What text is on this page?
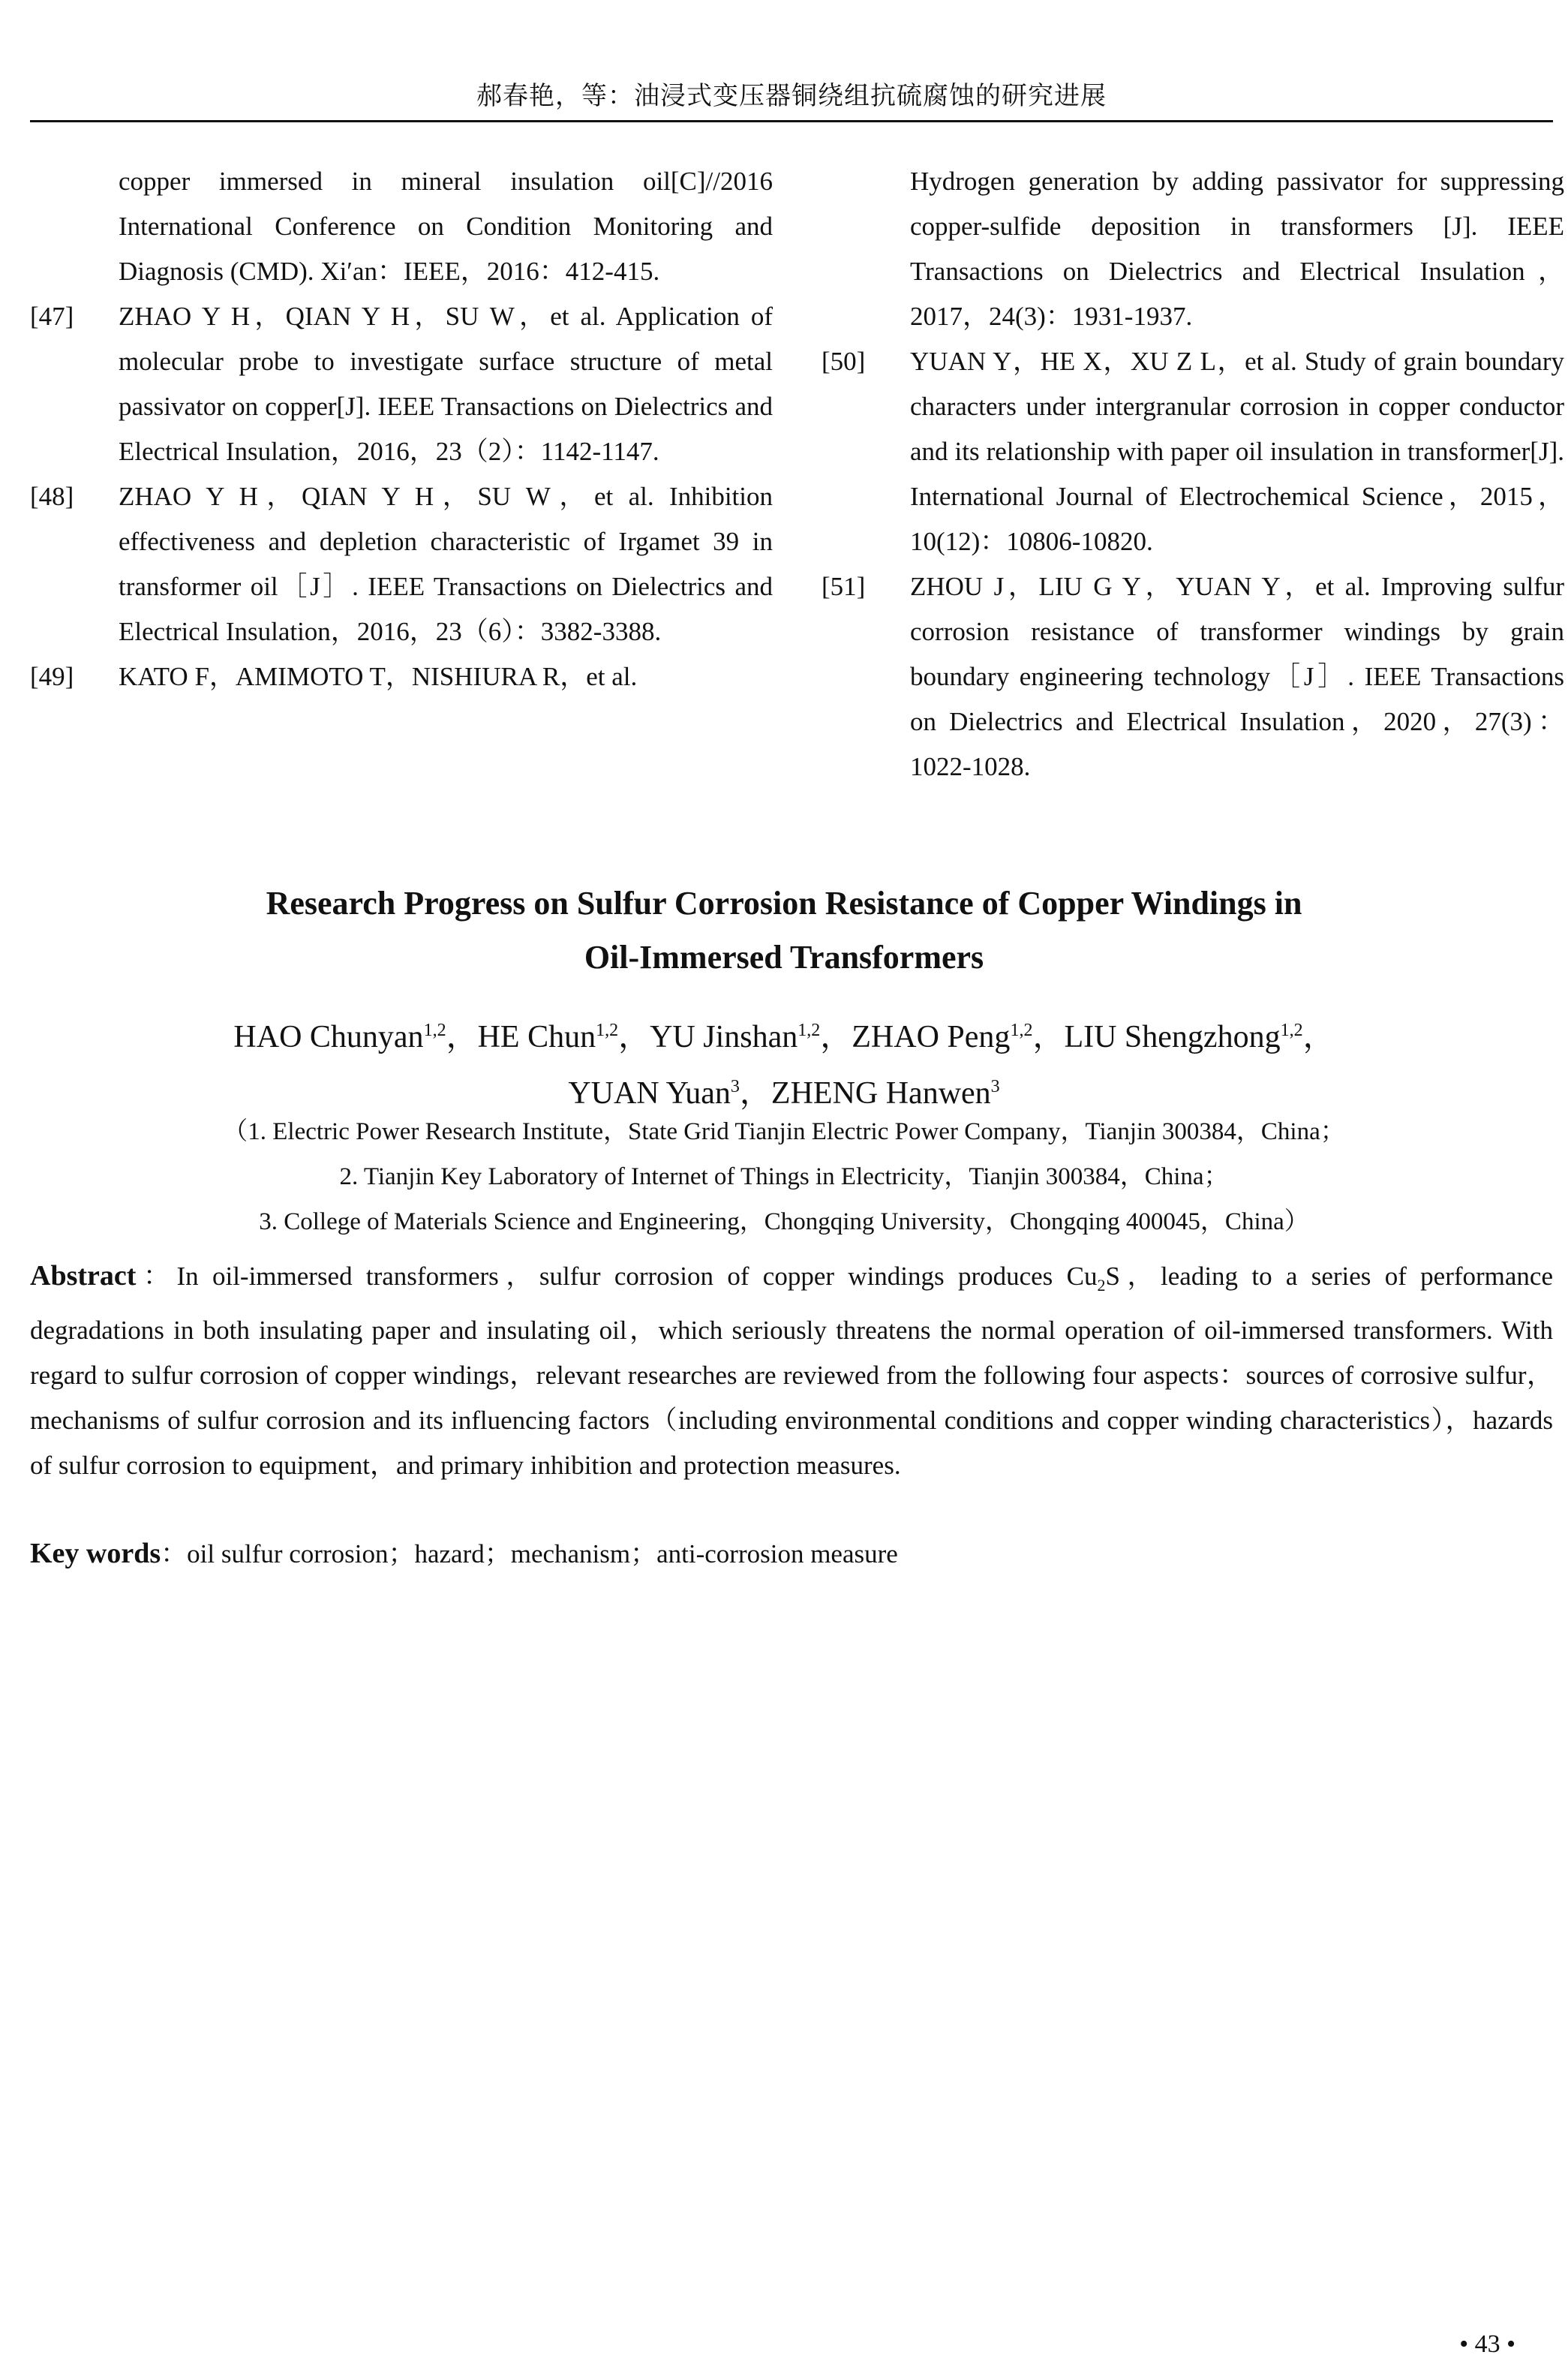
郝春艳，等：油浸式变压器铜绕组抗硫腐蚀的研究进展
copper immersed in mineral insulation oil[C]//2016 International Conference on Condition Monitoring and Diagnosis (CMD). Xi′an：IEEE，2016：412-415.
[47] ZHAO Y H，QIAN Y H，SU W，et al. Application of molecular probe to investigate surface structure of metal passivator on copper[J]. IEEE Transactions on Dielectrics and Electrical Insulation，2016，23（2）：1142-1147.
[48] ZHAO Y H，QIAN Y H，SU W，et al. Inhibition effectiveness and depletion characteristic of Irgamet 39 in transformer oil［J］. IEEE Transactions on Dielectrics and Electrical Insulation，2016，23（6）：3382-3388.
[49] KATO F，AMIMOTO T，NISHIURA R，et al.
Hydrogen generation by adding passivator for suppressing copper-sulfide deposition in transformers [J]. IEEE Transactions on Dielectrics and Electrical Insulation，2017，24(3)：1931-1937.
[50] YUAN Y，HE X，XU Z L，et al. Study of grain boundary characters under intergranular corrosion in copper conductor and its relationship with paper oil insulation in transformer[J]. International Journal of Electrochemical Science，2015，10(12)：10806-10820.
[51] ZHOU J，LIU G Y，YUAN Y，et al. Improving sulfur corrosion resistance of transformer windings by grain boundary engineering technology［J］. IEEE Transactions on Dielectrics and Electrical Insulation，2020，27(3)：1022-1028.
Research Progress on Sulfur Corrosion Resistance of Copper Windings in
Oil-Immersed Transformers
HAO Chunyan$^{1,2}$，HE Chun$^{1,2}$，YU Jinshan$^{1,2}$，ZHAO Peng$^{1,2}$，LIU Shengzhong$^{1,2}$，
YUAN Yuan$^3$，ZHENG Hanwen$^3$
（1. Electric Power Research Institute，State Grid Tianjin Electric Power Company，Tianjin 300384，China；
2. Tianjin Key Laboratory of Internet of Things in Electricity，Tianjin 300384，China；
3. College of Materials Science and Engineering，Chongqing University，Chongqing 400045，China）
Abstract：In oil-immersed transformers，sulfur corrosion of copper windings produces $Cu_2S$，leading to a series of performance degradations in both insulating paper and insulating oil，which seriously threatens the normal operation of oil-immersed transformers. With regard to sulfur corrosion of copper windings，relevant researches are reviewed from the following four aspects：sources of corrosive sulfur，mechanisms of sulfur corrosion and its influencing factors（including environmental conditions and copper winding characteristics），hazards of sulfur corrosion to equipment，and primary inhibition and protection measures.
Key words：oil sulfur corrosion；hazard；mechanism；anti-corrosion measure
• 43 •
